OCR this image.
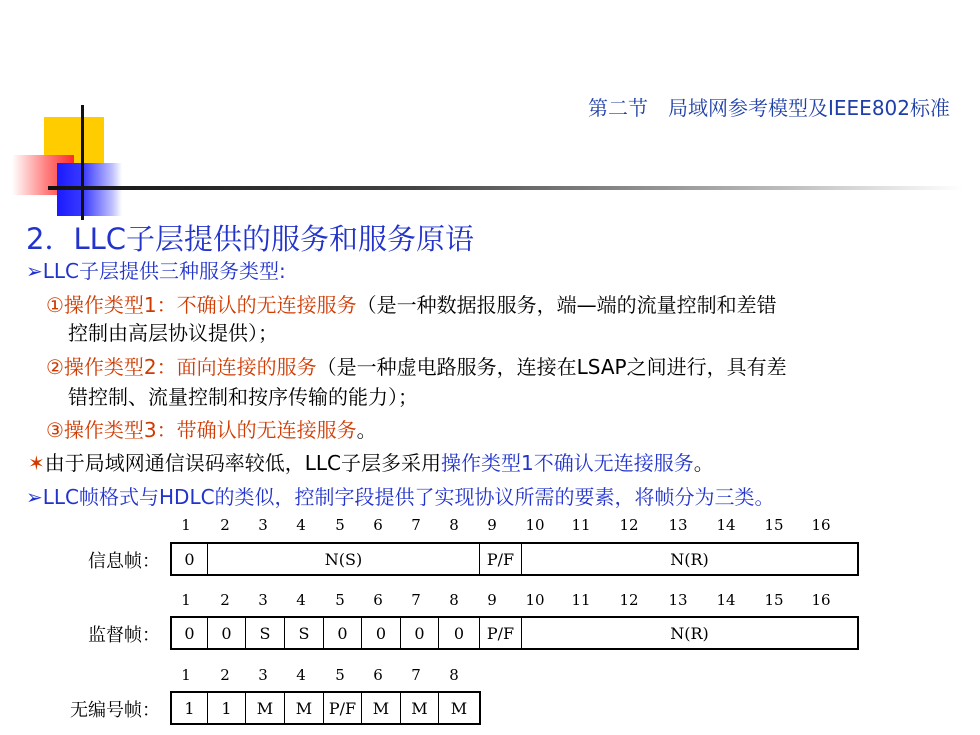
第二节　局域网参考模型及IEEE802标准
2．LLC子层提供的服务和服务原语
➢LLC子层提供三种服务类型:
①操作类型1：不确认的无连接服务（是一种数据报服务，端—端的流量控制和差错
控制由高层协议提供）；
②操作类型2：面向连接的服务（是一种虚电路服务，连接在LSAP之间进行，具有差
错控制、流量控制和按序传输的能力）；
③操作类型3：带确认的无连接服务。
✶由于局域网通信误码率较低，LLC子层多采用操作类型1不确认无连接服务。
➢LLC帧格式与HDLC的类似，控制字段提供了实现协议所需的要素，将帧分为三类。
1	2	3	4	5	6	7	8	9	10	11	12	13	14	15	16
信息帧：	0	N(S)	P/F	N(R)
1	2	3	4	5	6	7	8	9	10	11	12	13	14	15	16
监督帧：	0	0	S	S	0	0	0	0	P/F	N(R)
1	2	3	4	5	6	7	8
无编号帧：	1	1	M	M	P/F	M	M	M
